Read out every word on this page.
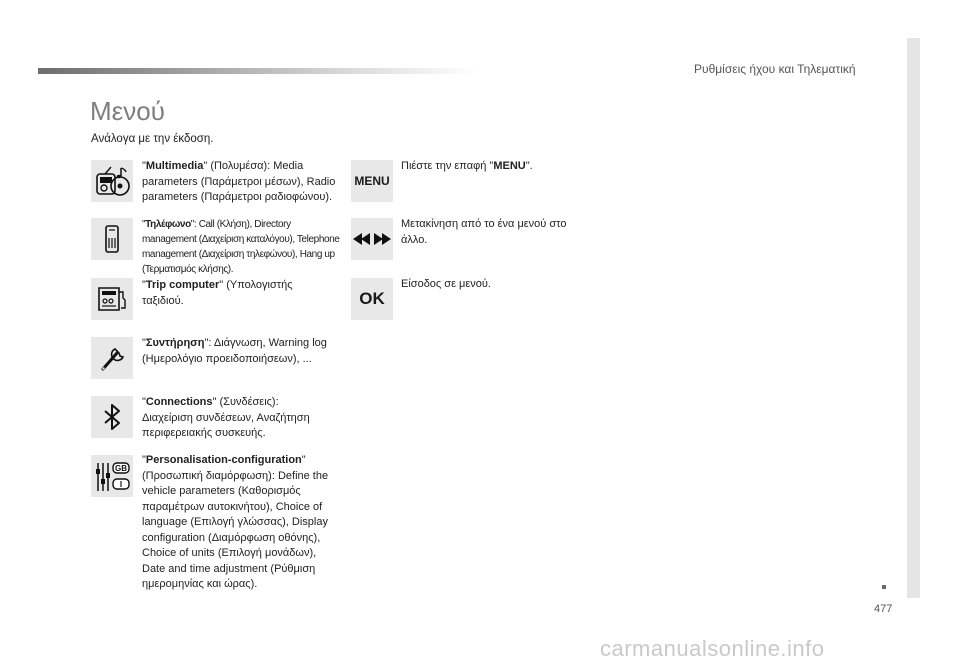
Ρυθμίσεις ήχου και Τηλεματική
477
Μενού
Ανάλογα με την έκδοση.
"Multimedia" (Πολυμέσα): Media parameters (Παράμετροι μέσων), Radio parameters (Παράμετροι ραδιοφώνου).
"Τηλέφωνο": Call (Κλήση), Directory management (Διαχείριση καταλόγου), Telephone management (Διαχείριση τηλεφώνου), Hang up (Τερματισμός κλήσης).
"Trip computer" (Υπολογιστής ταξιδιού.
"Συντήρηση": Διάγνωση, Warning log (Ημερολόγιο προειδοποιήσεων), ...
"Connections" (Συνδέσεις): Διαχείριση συνδέσεων, Αναζήτηση περιφερειακής συσκευής.
GB
I
"Personalisation-configuration" (Προσωπική διαμόρφωση): Define the vehicle parameters (Καθορισμός παραμέτρων αυτοκινήτου), Choice of language (Επιλογή γλώσσας), Display configuration (Διαμόρφωση οθόνης), Choice of units (Επιλογή μονάδων), Date and time adjustment (Ρύθμιση ημερομηνίας και ώρας).
MENU
Πιέστε την επαφή "MENU".
Μετακίνηση από το ένα μενού στο άλλο.
OK
Είσοδος σε μενού.
carmanualsonline.info
